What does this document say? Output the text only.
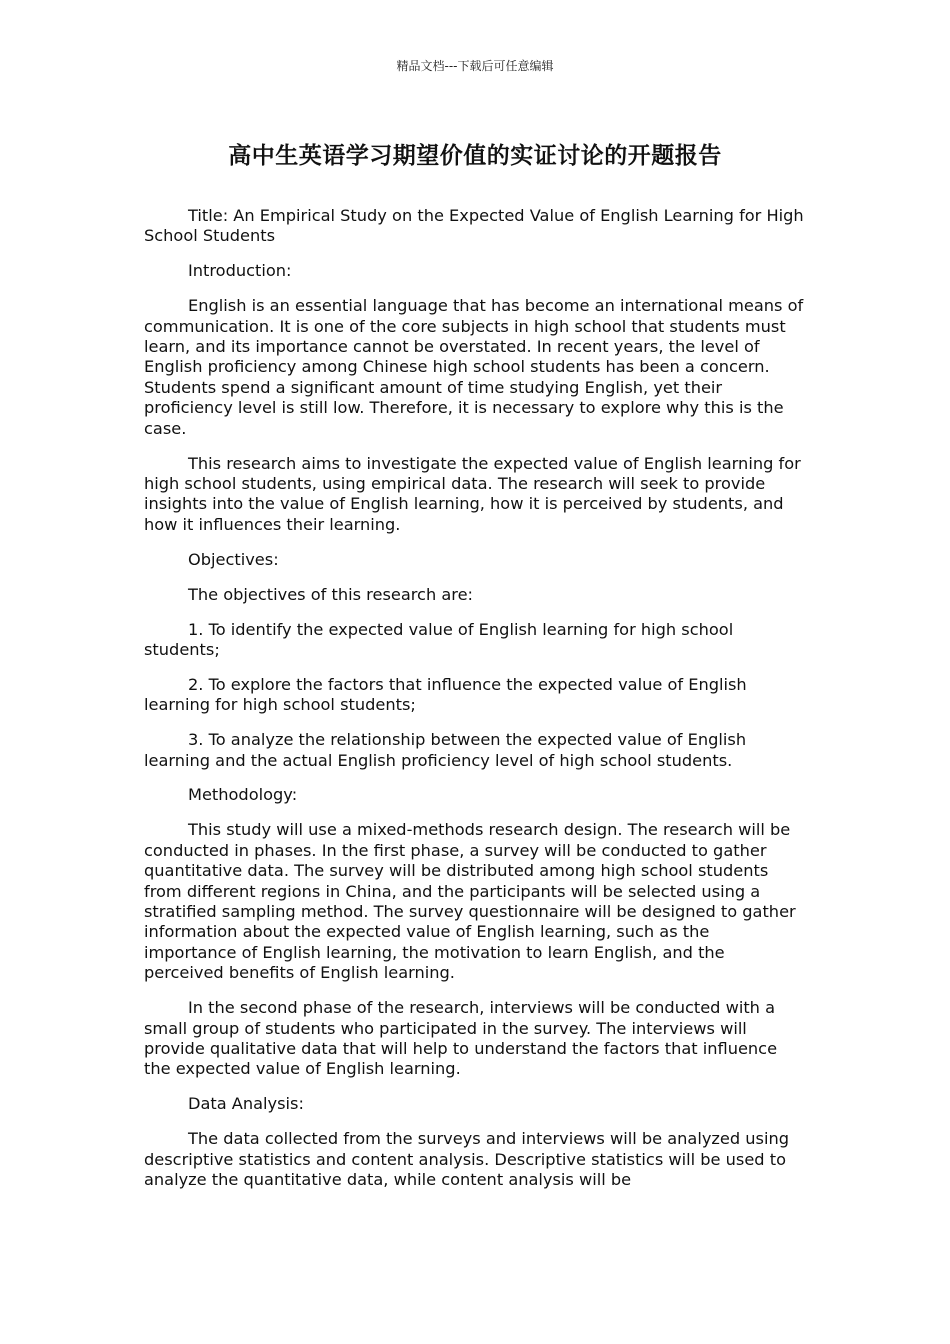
精品文档---下载后可任意编辑
高中生英语学习期望价值的实证讨论的开题报告

Title: An Empirical Study on the Expected Value of English Learning for High School Students

Introduction:

English is an essential language that has become an international means of communication. It is one of the core subjects in high school that students must learn, and its importance cannot be overstated. In recent years, the level of English proficiency among Chinese high school students has been a concern. Students spend a significant amount of time studying English, yet their proficiency level is still low. Therefore, it is necessary to explore why this is the case.

This research aims to investigate the expected value of English learning for high school students, using empirical data. The research will seek to provide insights into the value of English learning, how it is perceived by students, and how it influences their learning.

Objectives:

The objectives of this research are:

1. To identify the expected value of English learning for high school students;

2. To explore the factors that influence the expected value of English learning for high school students;

3. To analyze the relationship between the expected value of English learning and the actual English proficiency level of high school students.

Methodology:

This study will use a mixed-methods research design. The research will be conducted in phases. In the first phase, a survey will be conducted to gather quantitative data. The survey will be distributed among high school students from different regions in China, and the participants will be selected using a stratified sampling method. The survey questionnaire will be designed to gather information about the expected value of English learning, such as the importance of English learning, the motivation to learn English, and the perceived benefits of English learning.

In the second phase of the research, interviews will be conducted with a small group of students who participated in the survey. The interviews will provide qualitative data that will help to understand the factors that influence the expected value of English learning.

Data Analysis:

The data collected from the surveys and interviews will be analyzed using descriptive statistics and content analysis. Descriptive statistics will be used to analyze the quantitative data, while content analysis will be
